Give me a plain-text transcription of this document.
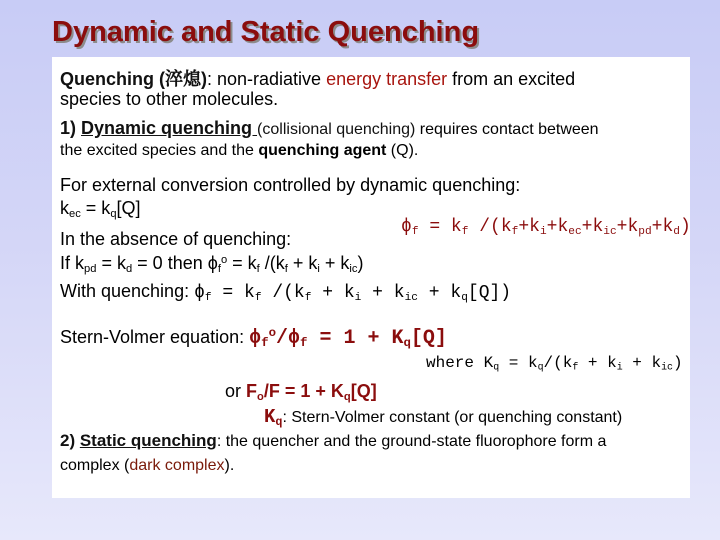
Dynamic and Static Quenching
Quenching (淬熄): non-radiative energy transfer from an excited
species to other molecules.
1) Dynamic quenching (collisional quenching) requires contact between
the excited species and the quenching agent (Q).
For external conversion controlled by dynamic quenching:
$k_{ec} = k_q[Q]$
$\phi_f = k_f$ $/(k_f+k_i+k_{ec}+k_{ic}+k_{pd}+k_d)$
In the absence of quenching:
If $k_{pd} = k_d = 0$ then $\phi_f^o = k_f$ $/(k_f + k_i + k_{ic})$
With quenching: $\phi_f = k_f$ $/(k_f + k_i + k_{ic} + k_q[Q])$
Stern-Volmer equation: $\phi_f^o/\phi_f = 1 + K_q[Q]$
where $K_q = k_q/(k_f + k_i + k_{ic})$
or $F_o/F = 1 + K_q[Q]$
$K_q$: Stern-Volmer constant (or quenching constant)
2) Static quenching: the quencher and the ground-state fluorophore form a
complex (dark complex).
